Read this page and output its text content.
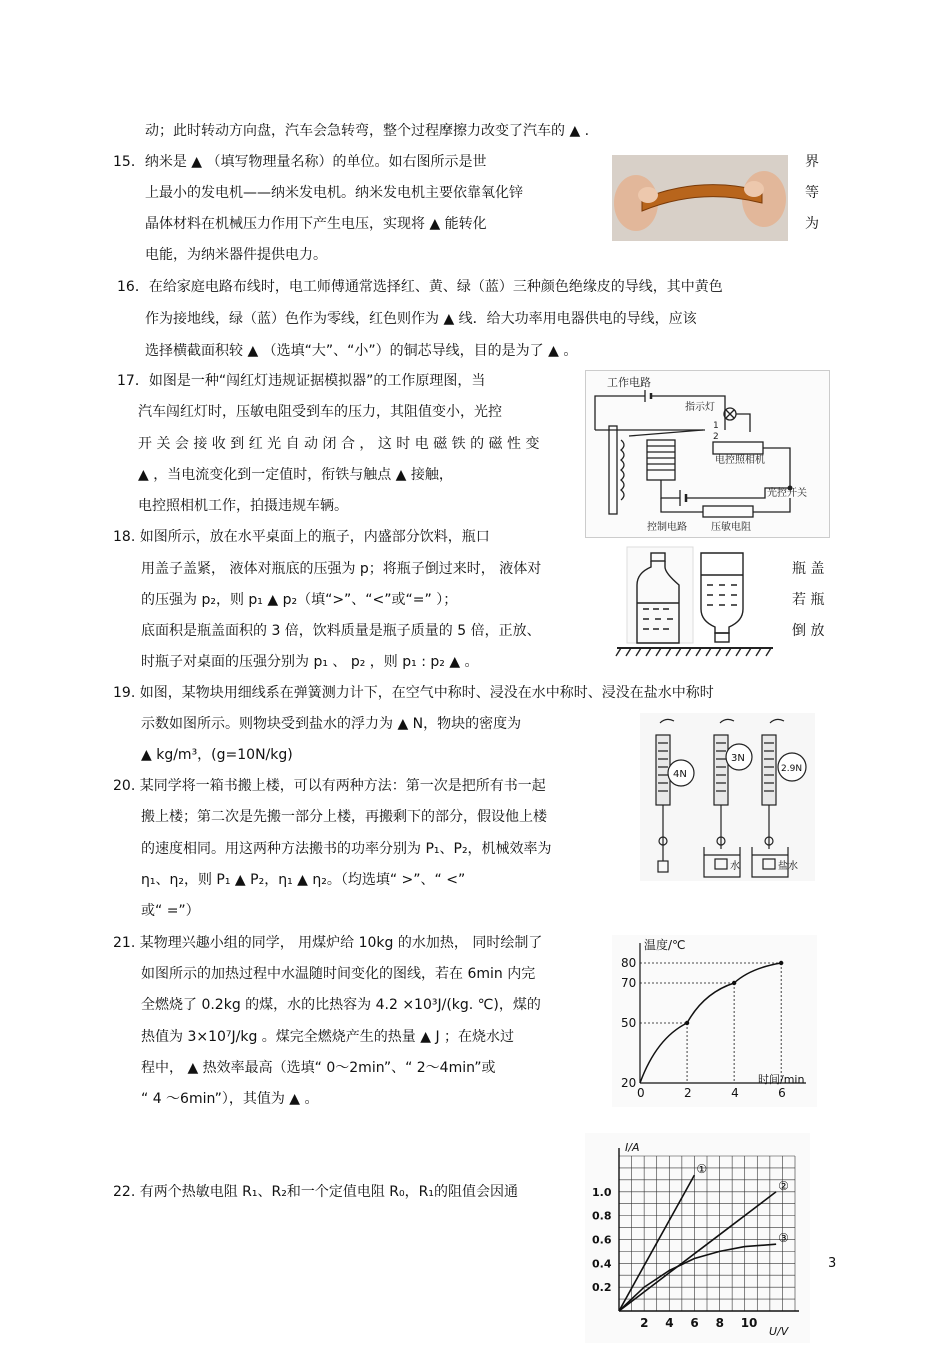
动；此时转动方向盘，汽车会急转弯，整个过程摩擦力改变了汽车的 ▲ .
15．纳米是 ▲ （填写物理量名称）的单位。如右图所示是世	界
上最小的发电机——纳米发电机。纳米发电机主要依靠氧化锌	等
晶体材料在机械压力作用下产生电压，实现将 ▲ 能转化	为
电能，为纳米器件提供电力。
16．在给家庭电路布线时，电工师傅通常选择红、黄、绿（蓝）三种颜色绝缘皮的导线，其中黄色
作为接地线，绿（蓝）色作为零线，红色则作为 ▲ 线．给大功率用电器供电的导线，应该
选择横截面积较 ▲ （选填“大”、“小”）的铜芯导线，目的是为了 ▲ 。
17．如图是一种“闯红灯违规证据模拟器”的工作原理图，当
汽车闯红灯时，压敏电阻受到车的压力，其阻值变小，光控
开 关 会 接 收 到 红 光 自 动 闭 合 ， 这 时 电 磁 铁 的 磁 性 变
▲ ，当电流变化到一定值时，衔铁与触点 ▲ 接触，
电控照相机工作，拍摄违规车辆。
18. 如图所示，放在水平桌面上的瓶子，内盛部分饮料，瓶口
用盖子盖紧， 液体对瓶底的压强为 p；将瓶子倒过来时， 液体对	瓶 盖
的压强为 p₂，则 p₁ ▲ p₂（填“>”、“<”或“=” ）；	若 瓶
底面积是瓶盖面积的 3 倍，饮料质量是瓶子质量的 5 倍，正放、	倒 放
时瓶子对桌面的压强分别为 p₁ 、 p₂ ，则 p₁ : p₂ ▲ 。
19. 如图，某物块用细线系在弹簧测力计下，在空气中称时、浸没在水中称时、浸没在盐水中称时
示数如图所示。则物块受到盐水的浮力为 ▲ N，物块的密度为
▲ kg/m³，(g=10N/kg)
20. 某同学将一箱书搬上楼，可以有两种方法：第一次是把所有书一起
搬上楼；第二次是先搬一部分上楼，再搬剩下的部分，假设他上楼
的速度相同。用这两种方法搬书的功率分别为 P₁、P₂，机械效率为
η₁、η₂，则 P₁ ▲ P₂，η₁ ▲ η₂。（均选填“ >”、“ <”
或“ =”）
21. 某物理兴趣小组的同学， 用煤炉给 10kg 的水加热， 同时绘制了
如图所示的加热过程中水温随时间变化的图线，若在 6min 内完
全燃烧了 0.2kg 的煤，水的比热容为 4.2 ×10³J/(kg. ℃)，煤的
热值为 3×10⁷J/kg 。煤完全燃烧产生的热量 ▲ J ；在烧水过
程中， ▲ 热效率最高（选填“ 0～2min”、“ 2～4min”或
“ 4 ～6min”），其值为 ▲ 。
22. 有两个热敏电阻 R₁、R₂和一个定值电阻 R₀，R₁的阻值会因通
3
工作电路
指示灯
1
2
电控照相机
光控开关
控制电路 压敏电阻
4N
3N
2.9N
水	盐水
0	2	4	6
20
50
70
80
温度/℃
时间/min
2 4 6 8 10
0.2
0.4
0.6
0.8
1.0
①
②
③
I/A
U/V
